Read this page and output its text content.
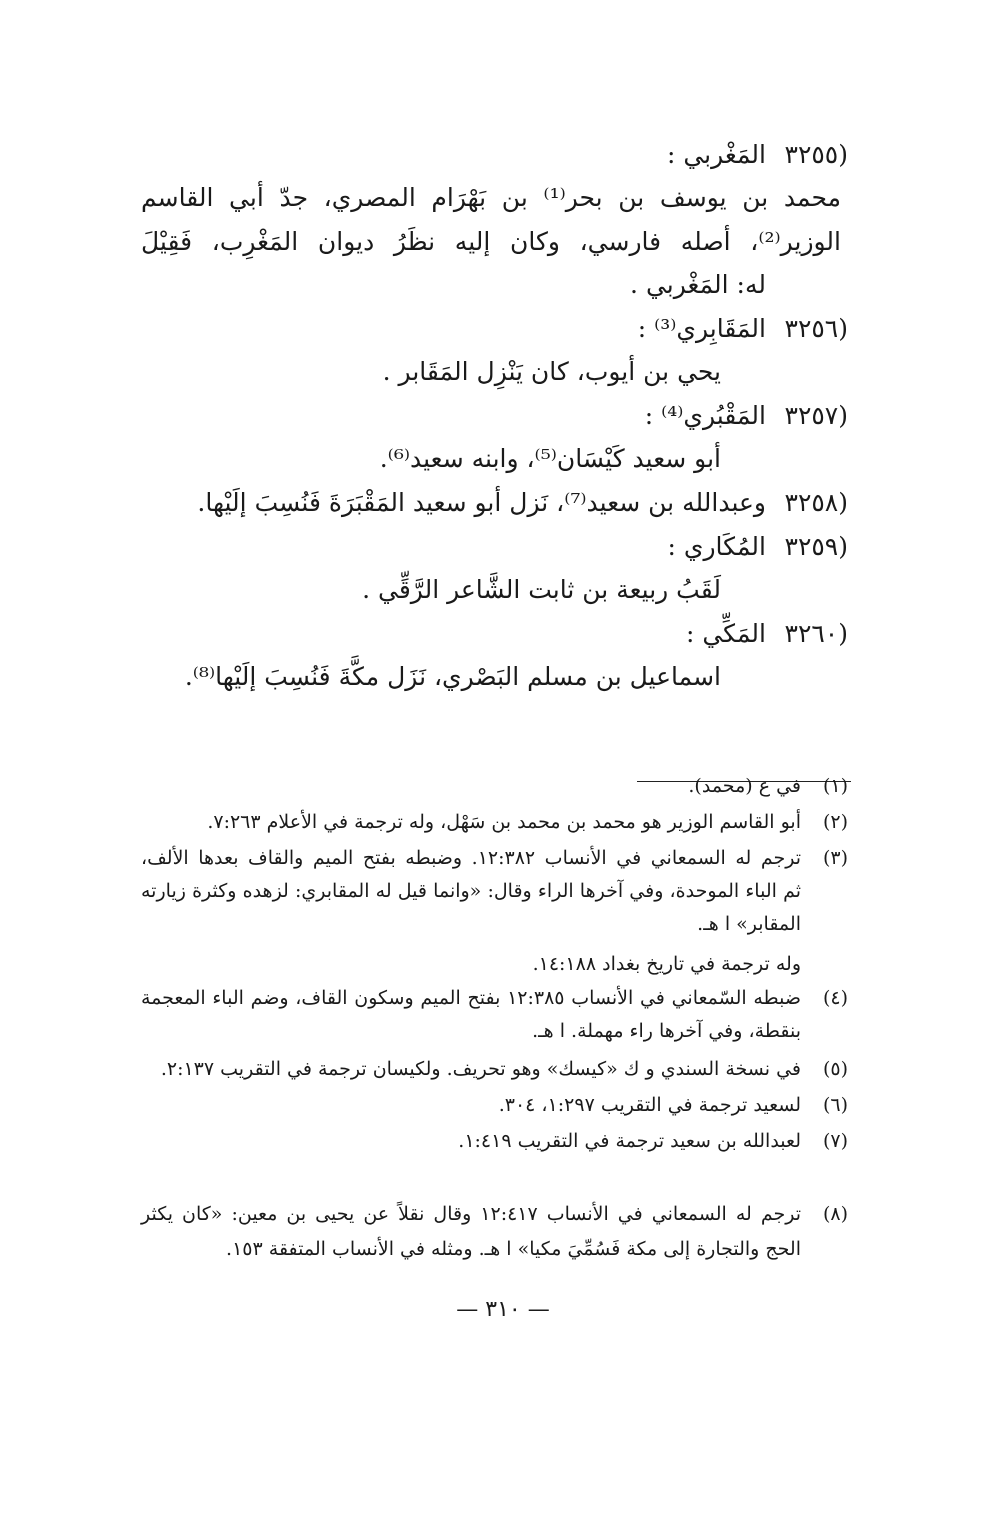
٣٢٥٥)
المَغْربي :
محمد بن يوسف بن بحر⁽¹⁾ بن بَهْرَام المصري، جدّ أبي القاسم
الوزير⁽²⁾، أصله فارسي، وكان إليه نظَرُ ديوان المَغْرِب، فَقِيْلَ
له: المَغْربي .
٣٢٥٦)
المَقَابِري⁽³⁾ :
يحي بن أيوب، كان يَنْزِل المَقَابر .
٣٢٥٧)
المَقْبُري⁽⁴⁾ :
أبو سعيد كَيْسَان⁽⁵⁾، وابنه سعيد⁽⁶⁾.
٣٢٥٨)
وعبدالله بن سعيد⁽⁷⁾، نَزل أبو سعيد المَقْبَرَةَ فَنُسِبَ إلَيْها.
٣٢٥٩)
المُكَاري :
لَقَبُ ربيعة بن ثابت الشَّاعر الرَّقِّي .
٣٢٦٠)
المَكِّي :
اسماعيل بن مسلم البَصْري، نَزَل مكَّةَ فَنُسِبَ إلَيْها⁽⁸⁾.
(١)
في ع (محمد).
(٢)
أبو القاسم الوزير هو محمد بن محمد بن سَهْل، وله ترجمة في الأعلام ٧:٢٦٣.
(٣)
ترجم له السمعاني في الأنساب ١٢:٣٨٢. وضبطه بفتح الميم والقاف بعدها الألف،
ثم الباء الموحدة، وفي آخرها الراء وقال: «وانما قيل له المقابري: لزهده وكثرة زيارته
المقابر» ا هـ.
وله ترجمة في تاريخ بغداد ١٤:١٨٨.
(٤)
ضبطه السّمعاني في الأنساب ١٢:٣٨٥ بفتح الميم وسكون القاف، وضم الباء المعجمة
بنقطة، وفي آخرها راء مهملة. ا هـ.
(٥)
في نسخة السندي و ك «كيسك» وهو تحريف. ولكيسان ترجمة في التقريب ٢:١٣٧.
(٦)
لسعيد ترجمة في التقريب ١:٢٩٧، ٣٠٤.
(٧)
لعبدالله بن سعيد ترجمة في التقريب ١:٤١٩.
(٨)
ترجم له السمعاني في الأنساب ١٢:٤١٧ وقال نقلاً عن يحيى بن معين: «كان يكثر
الحج والتجارة إلى مكة فَسُمِّيَ مكيا» ا هـ. ومثله في الأنساب المتفقة ١٥٣.
— ٣١٠ —
